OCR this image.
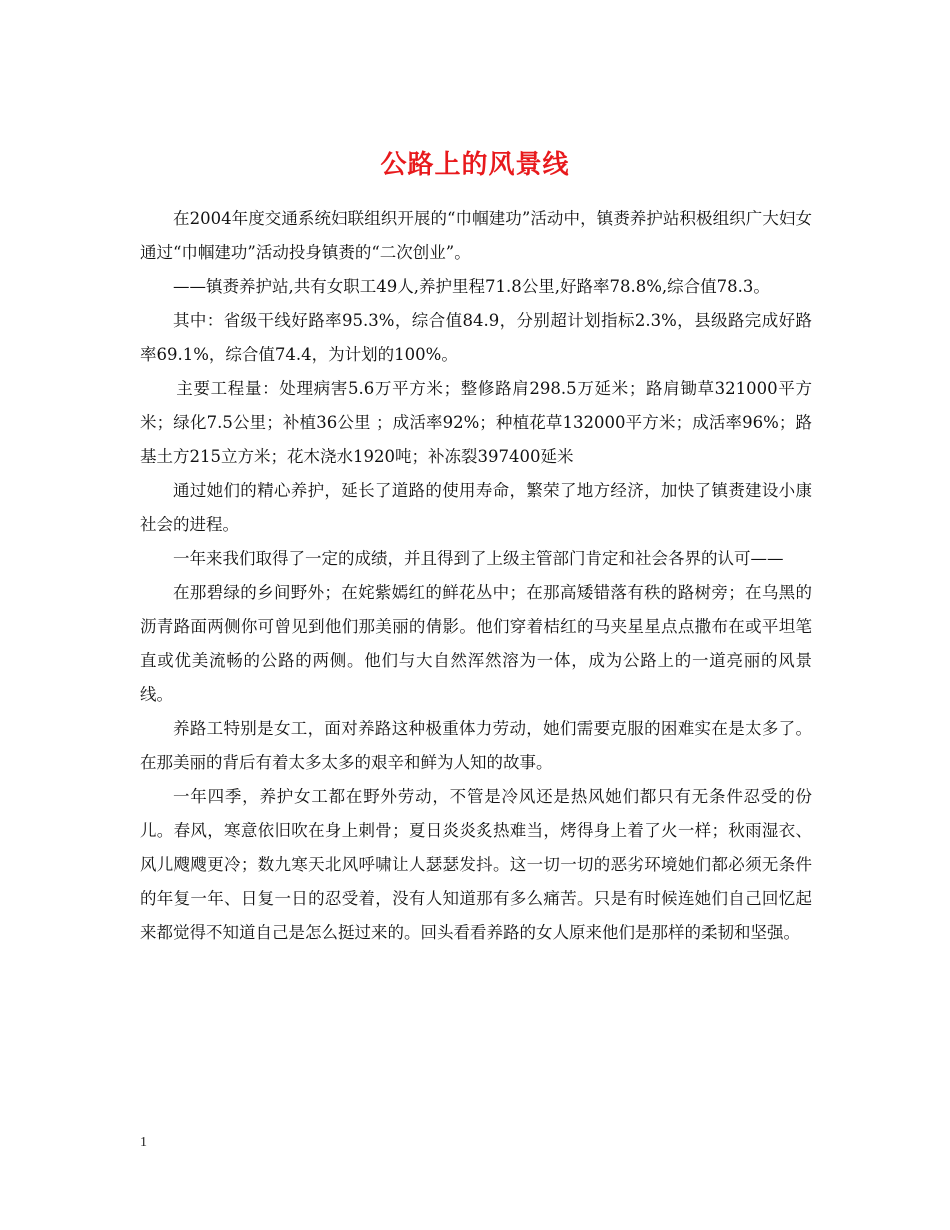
公路上的风景线

在2004年度交通系统妇联组织开展的“巾帼建功”活动中，镇赉养护站积极组织广大妇女通过“巾帼建功”活动投身镇赉的“二次创业”。

——镇赉养护站,共有女职工49人,养护里程71.8公里,好路率78.8%,综合值78.3。

其中：省级干线好路率95.3%，综合值84.9，分别超计划指标2.3%，县级路完成好路率69.1%，综合值74.4，为计划的100%。

主要工程量：处理病害5.6万平方米；整修路肩298.5万延米；路肩锄草321000平方米；绿化7.5公里；补植36公里 ；成活率92%；种植花草132000平方米；成活率96%；路基土方215立方米；花木浇水1920吨；补冻裂397400延米

通过她们的精心养护，延长了道路的使用寿命，繁荣了地方经济，加快了镇赉建设小康社会的进程。

一年来我们取得了一定的成绩，并且得到了上级主管部门肯定和社会各界的认可——

在那碧绿的乡间野外；在姹紫嫣红的鲜花丛中；在那高矮错落有秩的路树旁；在乌黑的沥青路面两侧你可曾见到他们那美丽的倩影。他们穿着桔红的马夹星星点点撒布在或平坦笔直或优美流畅的公路的两侧。他们与大自然浑然溶为一体，成为公路上的一道亮丽的风景线。

养路工特别是女工，面对养路这种极重体力劳动，她们需要克服的困难实在是太多了。在那美丽的背后有着太多太多的艰辛和鲜为人知的故事。

一年四季，养护女工都在野外劳动，不管是冷风还是热风她们都只有无条件忍受的份儿。春风，寒意依旧吹在身上刺骨；夏日炎炎炙热难当，烤得身上着了火一样；秋雨湿衣、风儿飕飕更冷；数九寒天北风呼啸让人瑟瑟发抖。这一切一切的恶劣环境她们都必须无条件的年复一年、日复一日的忍受着，没有人知道那有多么痛苦。只是有时候连她们自己回忆起来都觉得不知道自己是怎么挺过来的。回头看看养路的女人原来他们是那样的柔韧和坚强。

1
